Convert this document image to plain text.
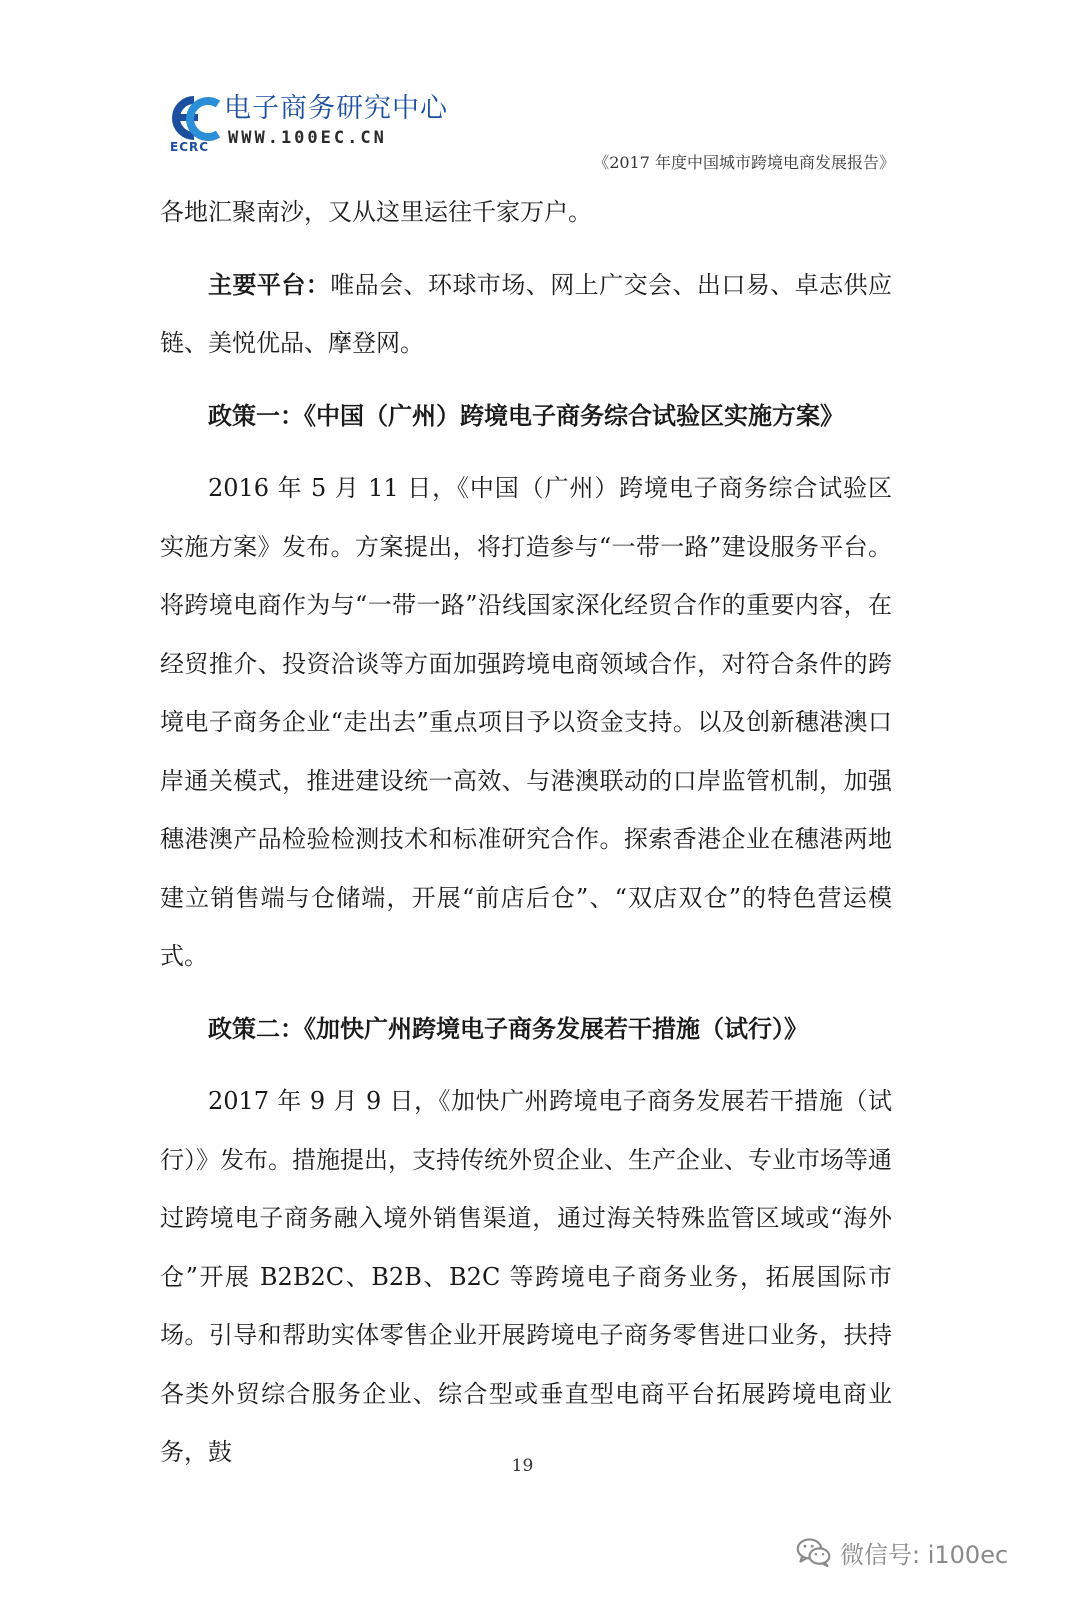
ECRC
电子商务研究中心
WWW.100EC.CN
《2017 年度中国城市跨境电商发展报告》

各地汇聚南沙，又从这里运往千家万户。

主要平台：唯品会、环球市场、网上广交会、出口易、卓志供应链、美悦优品、摩登网。

政策一：《中国（广州）跨境电子商务综合试验区实施方案》

2016 年 5 月 11 日，《中国（广州）跨境电子商务综合试验区实施方案》发布。方案提出，将打造参与“一带一路”建设服务平台。将跨境电商作为与“一带一路”沿线国家深化经贸合作的重要内容，在经贸推介、投资洽谈等方面加强跨境电商领域合作，对符合条件的跨境电子商务企业“走出去”重点项目予以资金支持。以及创新穗港澳口岸通关模式，推进建设统一高效、与港澳联动的口岸监管机制，加强穗港澳产品检验检测技术和标准研究合作。探索香港企业在穗港两地建立销售端与仓储端，开展“前店后仓”、“双店双仓”的特色营运模式。

政策二：《加快广州跨境电子商务发展若干措施（试行）》

2017 年 9 月 9 日，《加快广州跨境电子商务发展若干措施（试行）》发布。措施提出，支持传统外贸企业、生产企业、专业市场等通过跨境电子商务融入境外销售渠道，通过海关特殊监管区域或“海外仓”开展 B2B2C、B2B、B2C 等跨境电子商务业务，拓展国际市场。引导和帮助实体零售企业开展跨境电子商务零售进口业务，扶持各类外贸综合服务企业、综合型或垂直型电商平台拓展跨境电商业务，鼓	19
微信号: i100ec
